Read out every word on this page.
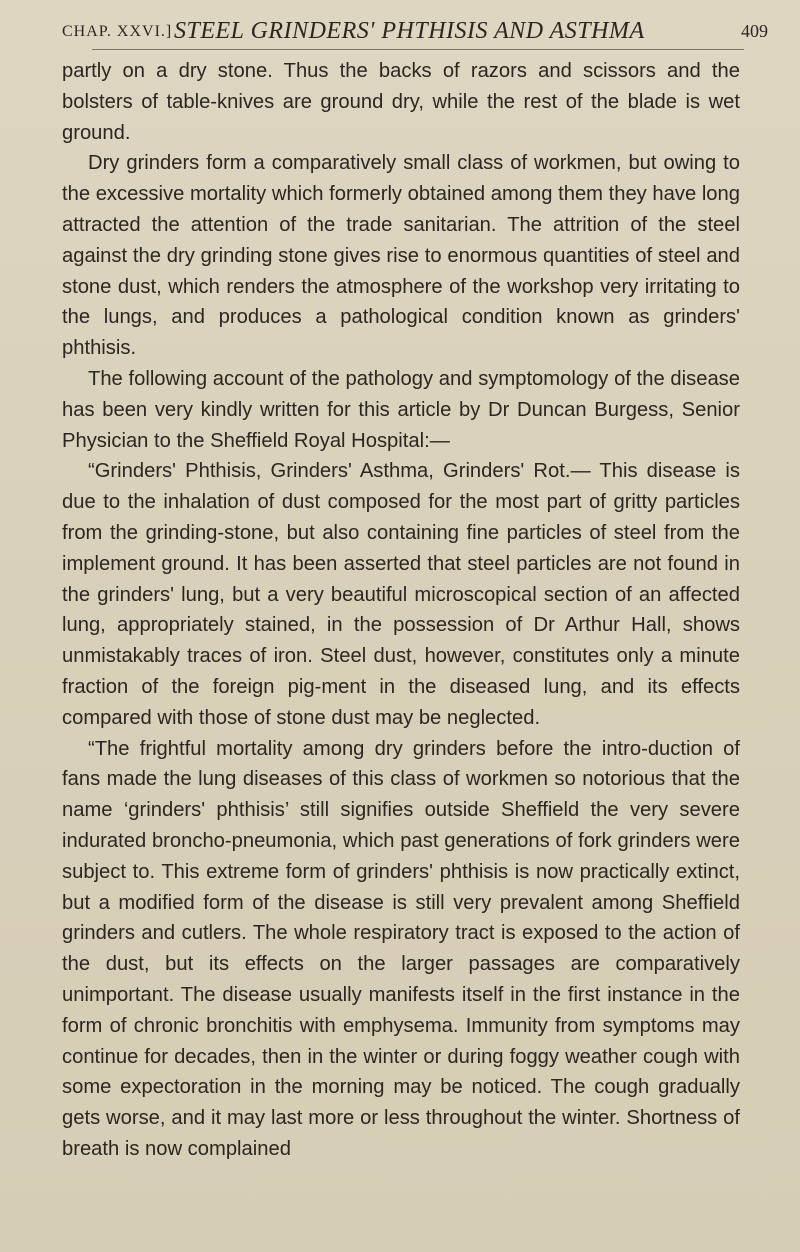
CHAP. XXVI.] STEEL GRINDERS' PHTHISIS AND ASTHMA	409

partly on a dry stone. Thus the backs of razors and scissors and the bolsters of table-knives are ground dry, while the rest of the blade is wet ground.

Dry grinders form a comparatively small class of workmen, but owing to the excessive mortality which formerly obtained among them they have long attracted the attention of the trade sanitarian. The attrition of the steel against the dry grinding stone gives rise to enormous quantities of steel and stone dust, which renders the atmosphere of the workshop very irritating to the lungs, and produces a pathological condition known as grinders' phthisis.

The following account of the pathology and symptomology of the disease has been very kindly written for this article by Dr Duncan Burgess, Senior Physician to the Sheffield Royal Hospital:—

“Grinders' Phthisis, Grinders' Asthma, Grinders' Rot.— This disease is due to the inhalation of dust composed for the most part of gritty particles from the grinding-stone, but also containing fine particles of steel from the implement ground. It has been asserted that steel particles are not found in the grinders' lung, but a very beautiful microscopical section of an affected lung, appropriately stained, in the possession of Dr Arthur Hall, shows unmistakably traces of iron. Steel dust, however, constitutes only a minute fraction of the foreign pig-ment in the diseased lung, and its effects compared with those of stone dust may be neglected.

“The frightful mortality among dry grinders before the intro-duction of fans made the lung diseases of this class of workmen so notorious that the name ‘grinders' phthisis’ still signifies outside Sheffield the very severe indurated broncho-pneumonia, which past generations of fork grinders were subject to. This extreme form of grinders' phthisis is now practically extinct, but a modified form of the disease is still very prevalent among Sheffield grinders and cutlers. The whole respiratory tract is exposed to the action of the dust, but its effects on the larger passages are comparatively unimportant. The disease usually manifests itself in the first instance in the form of chronic bronchitis with emphysema. Immunity from symptoms may continue for decades, then in the winter or during foggy weather cough with some expectoration in the morning may be noticed. The cough gradually gets worse, and it may last more or less throughout the winter. Shortness of breath is now complained
